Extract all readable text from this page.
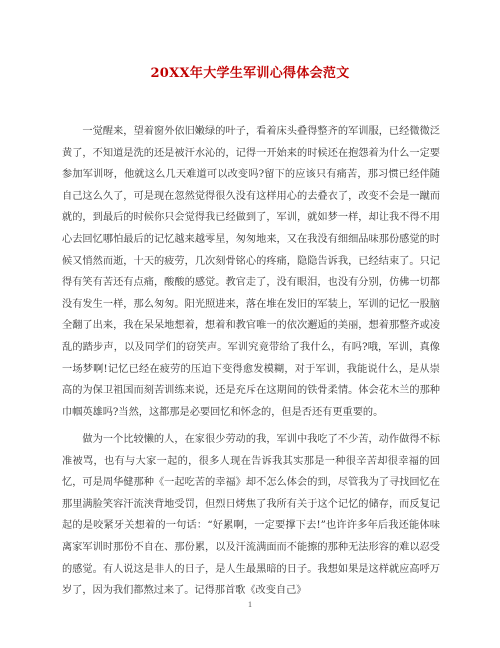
20XX年大学生军训心得体会范文

一觉醒来，望着窗外依旧嫩绿的叶子，看着床头叠得整齐的军训服，已经微微泛黄了，不知道是洗的还是被汗水沁的，记得一开始来的时候还在抱怨着为什么一定要参加军训呀，他就这么几天难道可以改变吗?留下的应该只有痛苦，那习惯已经伴随自己这么久了，可是现在忽然觉得很久没有这样用心的去叠衣了，改变不会是一蹴而就的，到最后的时候你只会觉得我已经做到了，军训，就如梦一样，却让我不得不用心去回忆哪怕最后的记忆越来越零星，匆匆地来，又在我没有细细品味那份感觉的时候又悄然而逝，十天的疲劳，几次刻骨铭心的疼痛，隐隐告诉我，已经结束了。只记得有笑有苦还有点痛，酸酸的感觉。教官走了，没有眼泪，也没有分别，仿佛一切都没有发生一样，那么匆匆。阳光照进来，落在堆在发旧的军装上，军训的记忆一股脑全翻了出来，我在呆呆地想着，想着和教官唯一的依次邂逅的美丽，想着那整齐或凌乱的踏步声，以及同学们的窃笑声。军训究竟带给了我什么，有吗?哦，军训，真像一场梦啊!记忆已经在疲劳的压迫下变得愈发模糊，对于军训，我能说什么，是从崇高的为保卫祖国而刻苦训练来说，还是充斥在这期间的铁骨柔情。体会花木兰的那种巾帼英雄吗?当然，这都那是必要回忆和怀念的，但是否还有更重要的。

做为一个比较懒的人，在家很少劳动的我，军训中我吃了不少苦，动作做得不标准被骂，也有与大家一起的，很多人现在告诉我其实那是一种很辛苦却很幸福的回忆，可是周华健那种《一起吃苦的幸福》却不怎么体会的到，尽管我为了寻找回忆在那里满脸笑容汗流浃背地受罚，但烈日烤焦了我所有关于这个记忆的储存，而反复记起的是咬紧牙关想着的一句话：“好累啊，一定要撑下去!”也许许多年后我还能体味离家军训时那份不自在、那份累，以及汗流满面而不能擦的那种无法形容的难以忍受的感觉。有人说这是非人的日子，是人生最黑暗的日子。我想如果是这样就应高呼万岁了，因为我们都熬过来了。记得那首歌《改变自己》

1
